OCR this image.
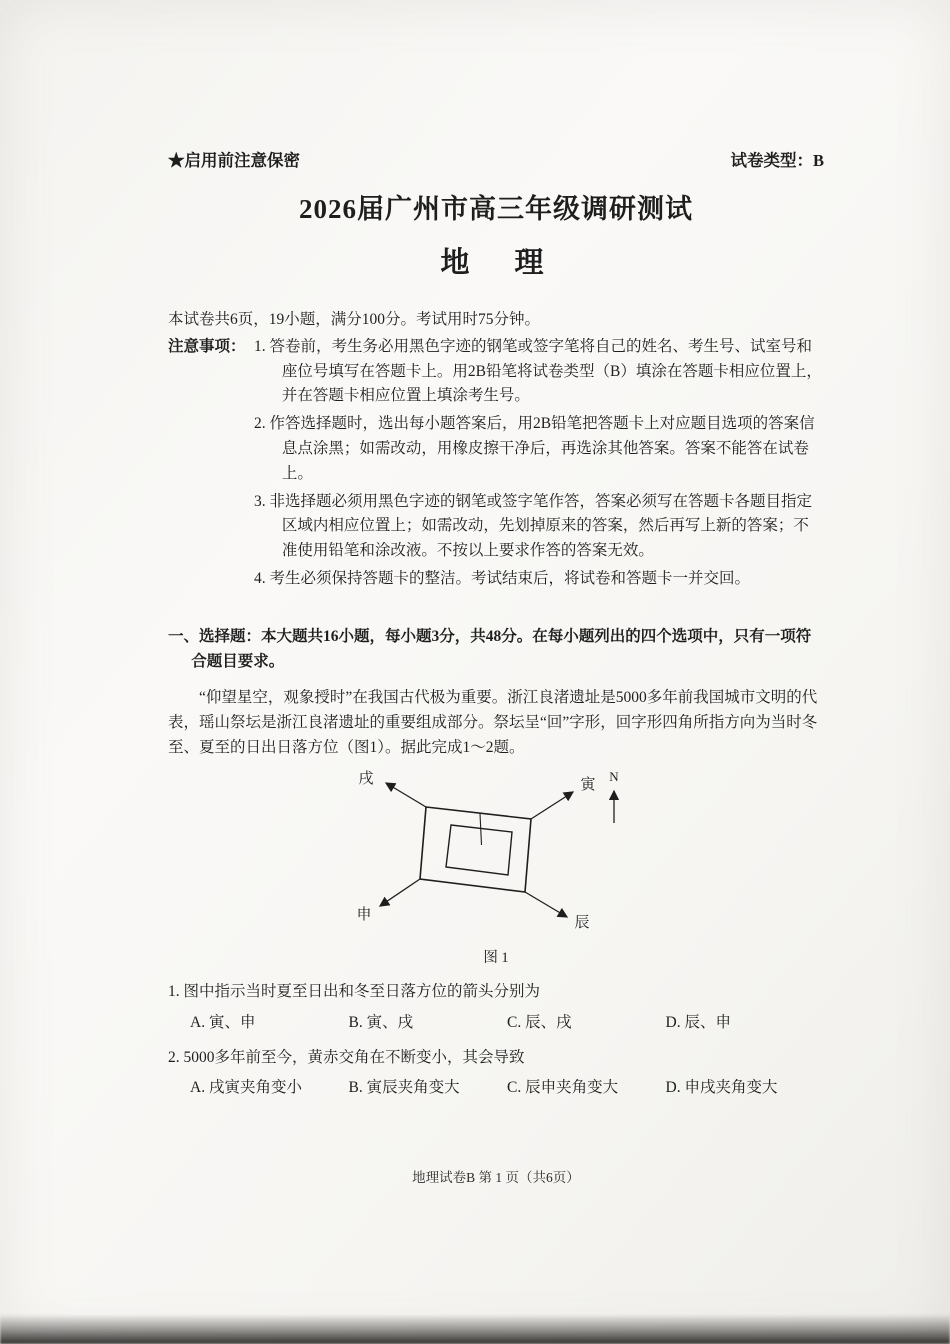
★启用前注意保密	试卷类型：B
2026届广州市高三年级调研测试
地　理

本试卷共6页，19小题，满分100分。考试用时75分钟。

注意事项： 1. 答卷前，考生务必用黑色字迹的钢笔或签字笔将自己的姓名、考生号、试室号和座位号填写在答题卡上。用2B铅笔将试卷类型（B）填涂在答题卡相应位置上，并在答题卡相应位置上填涂考生号。

2. 作答选择题时，选出每小题答案后，用2B铅笔把答题卡上对应题目选项的答案信息点涂黑；如需改动，用橡皮擦干净后，再选涂其他答案。答案不能答在试卷上。

3. 非选择题必须用黑色字迹的钢笔或签字笔作答，答案必须写在答题卡各题目指定区域内相应位置上；如需改动，先划掉原来的答案，然后再写上新的答案；不准使用铅笔和涂改液。不按以上要求作答的答案无效。

4. 考生必须保持答题卡的整洁。考试结束后，将试卷和答题卡一并交回。

一、选择题：本大题共16小题，每小题3分，共48分。在每小题列出的四个选项中，只有一项符合题目要求。

“仰望星空，观象授时”在我国古代极为重要。浙江良渚遗址是5000多年前我国城市文明的代表，瑶山祭坛是浙江良渚遗址的重要组成部分。祭坛呈“回”字形，回字形四角所指方向为当时冬至、夏至的日出日落方位（图1）。据此完成1～2题。

戌	寅
申	辰
N
图 1

1. 图中指示当时夏至日出和冬至日落方位的箭头分别为

A. 寅、申	B. 寅、戌	C. 辰、戌	D. 辰、申

2. 5000多年前至今，黄赤交角在不断变小，其会导致

A. 戌寅夹角变小	B. 寅辰夹角变大	C. 辰申夹角变大	D. 申戌夹角变大
地理试卷B 第 1 页（共6页）
